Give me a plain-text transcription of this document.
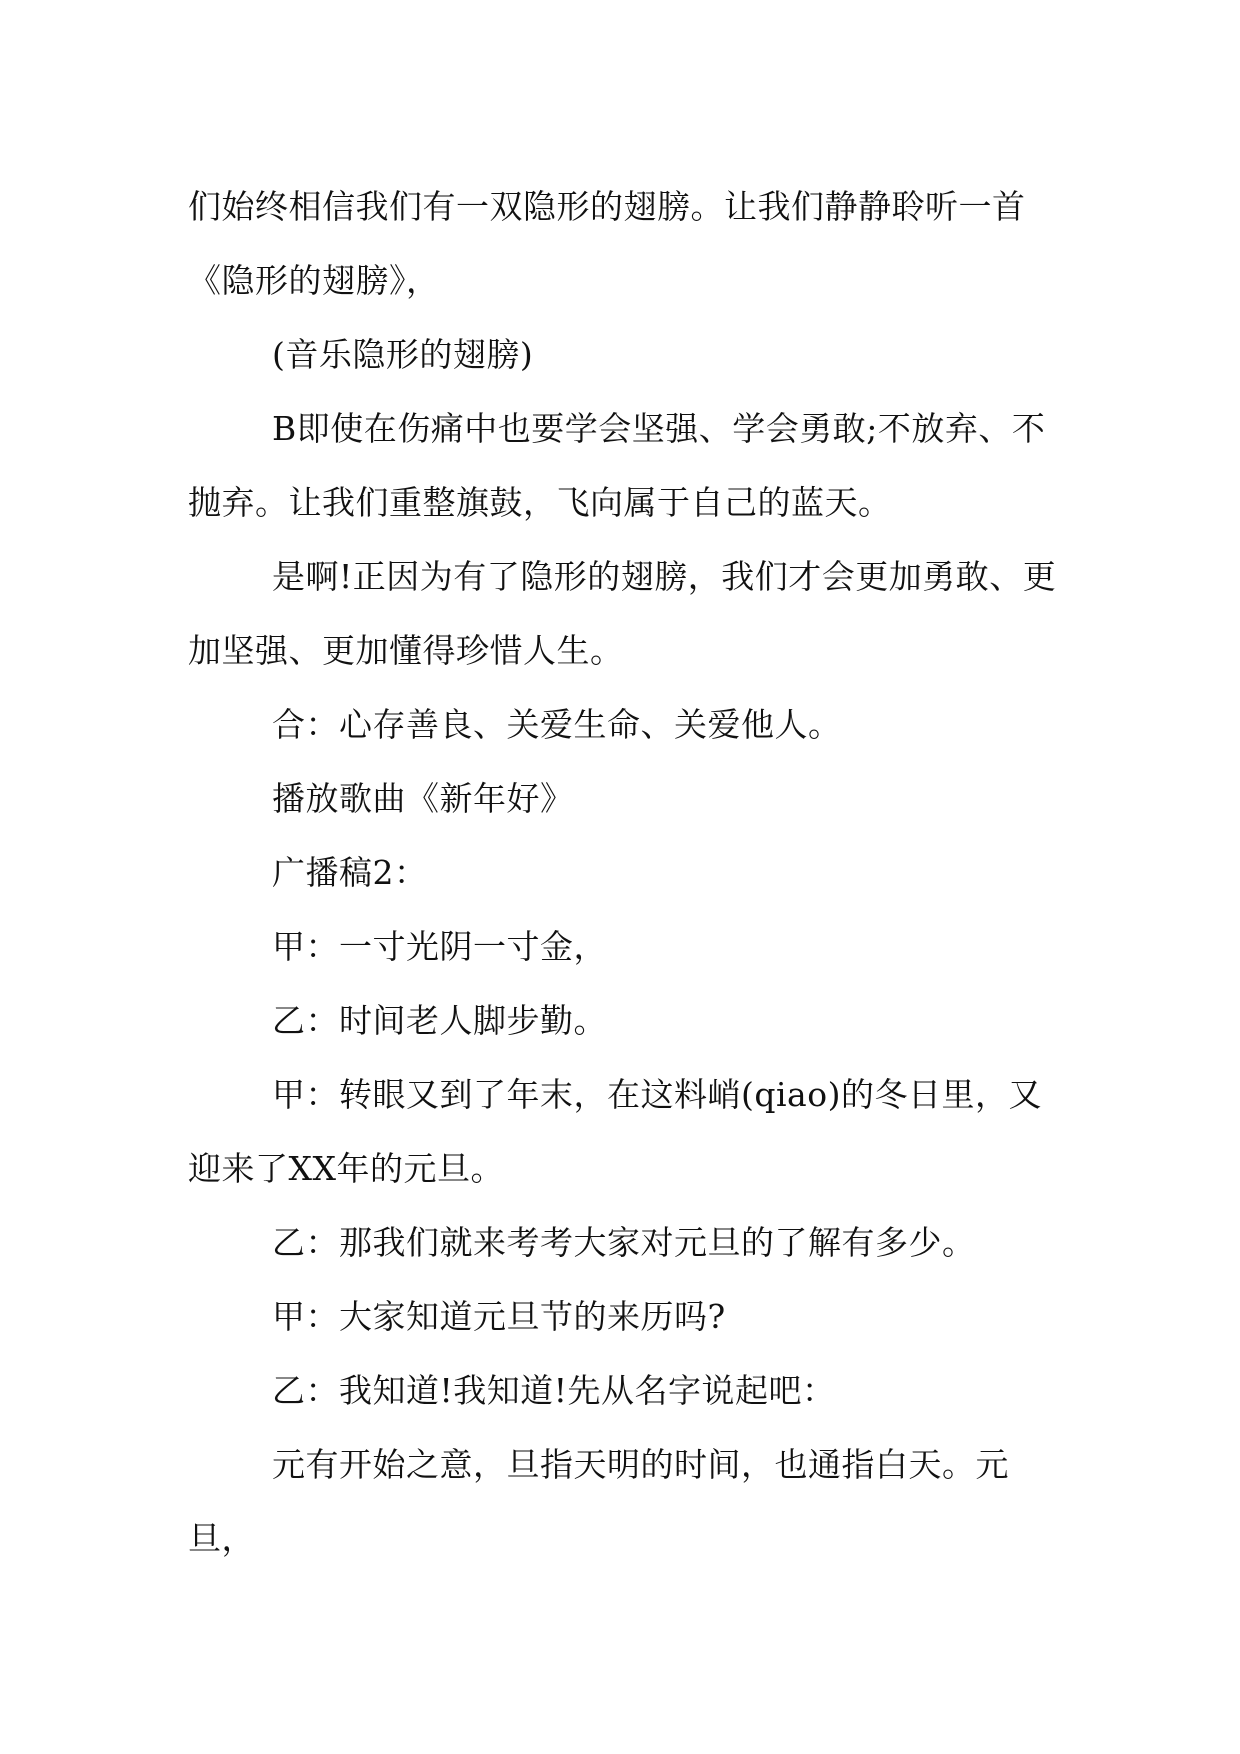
们始终相信我们有一双隐形的翅膀。让我们静静聆听一首《隐形的翅膀》，

(音乐隐形的翅膀)

B即使在伤痛中也要学会坚强、学会勇敢;不放弃、不抛弃。让我们重整旗鼓，飞向属于自己的蓝天。

是啊!正因为有了隐形的翅膀，我们才会更加勇敢、更加坚强、更加懂得珍惜人生。

合：心存善良、关爱生命、关爱他人。

播放歌曲《新年好》

广播稿2：

甲：一寸光阴一寸金，

乙：时间老人脚步勤。

甲：转眼又到了年末，在这料峭(qiao)的冬日里，又迎来了XX年的元旦。

乙：那我们就来考考大家对元旦的了解有多少。

甲：大家知道元旦节的来历吗?

乙：我知道!我知道!先从名字说起吧：

元有开始之意，旦指天明的时间，也通指白天。元旦，
